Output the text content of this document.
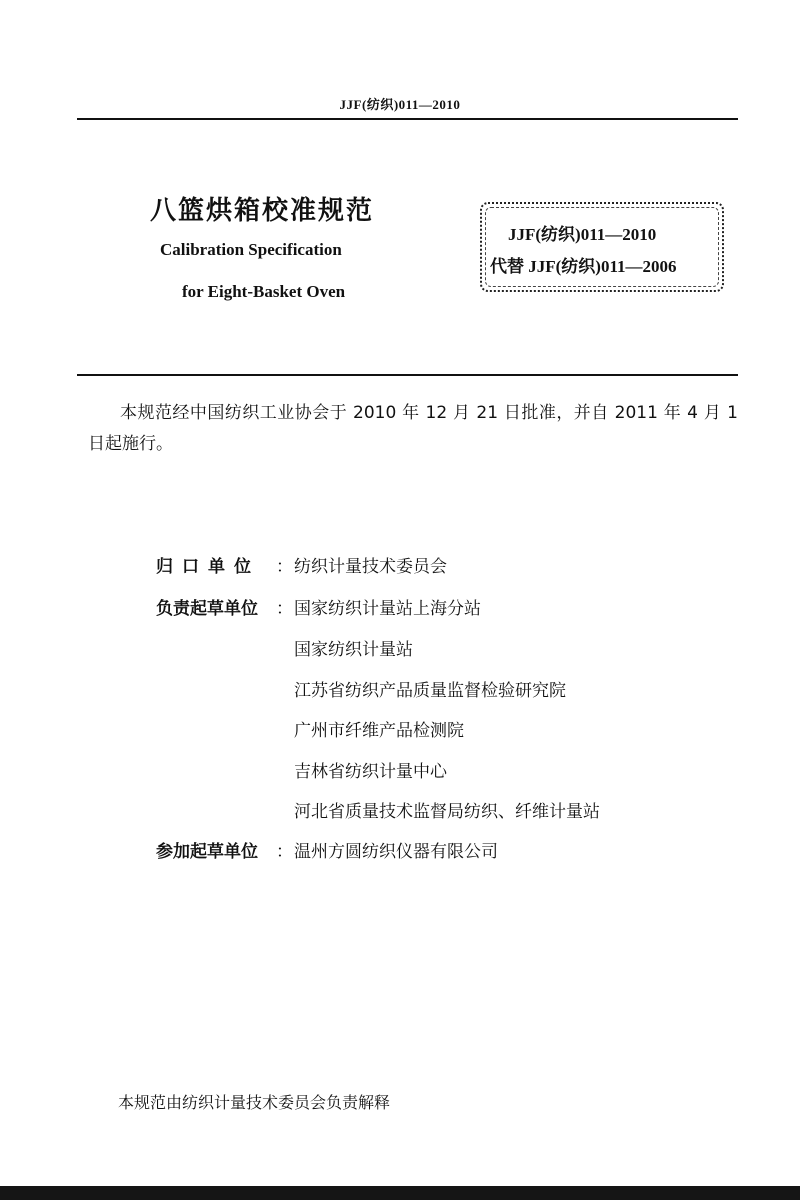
JJF(纺织)011—2010
八篮烘箱校准规范
Calibration Specification
for Eight-Basket Oven
JJF(纺织)011—2010
代替 JJF(纺织)011—2006
本规范经中国纺织工业协会于 2010 年 12 月 21 日批准，并自 2011 年 4 月 1 日起施行。
归口单位 ： 纺织计量技术委员会
负责起草单位 ： 国家纺织计量站上海分站
国家纺织计量站
江苏省纺织产品质量监督检验研究院
广州市纤维产品检测院
吉林省纺织计量中心
河北省质量技术监督局纺织、纤维计量站
参加起草单位 ： 温州方圆纺织仪器有限公司
本规范由纺织计量技术委员会负责解释
